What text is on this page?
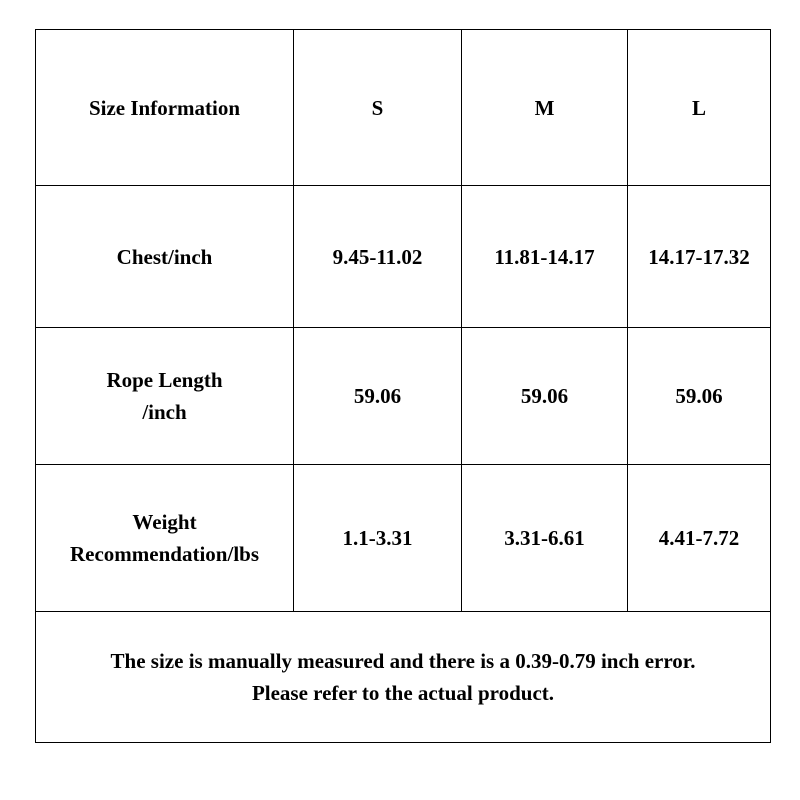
Size Information	S	M	L

Chest/inch	9.45-11.02	11.81-14.17	14.17-17.32

Rope Length
/inch	59.06	59.06	59.06

Weight
Recommendation/lbs	1.1-3.31	3.31-6.61	4.41-7.72

The size is manually measured and there is a 0.39-0.79 inch error.
Please refer to the actual product.			
